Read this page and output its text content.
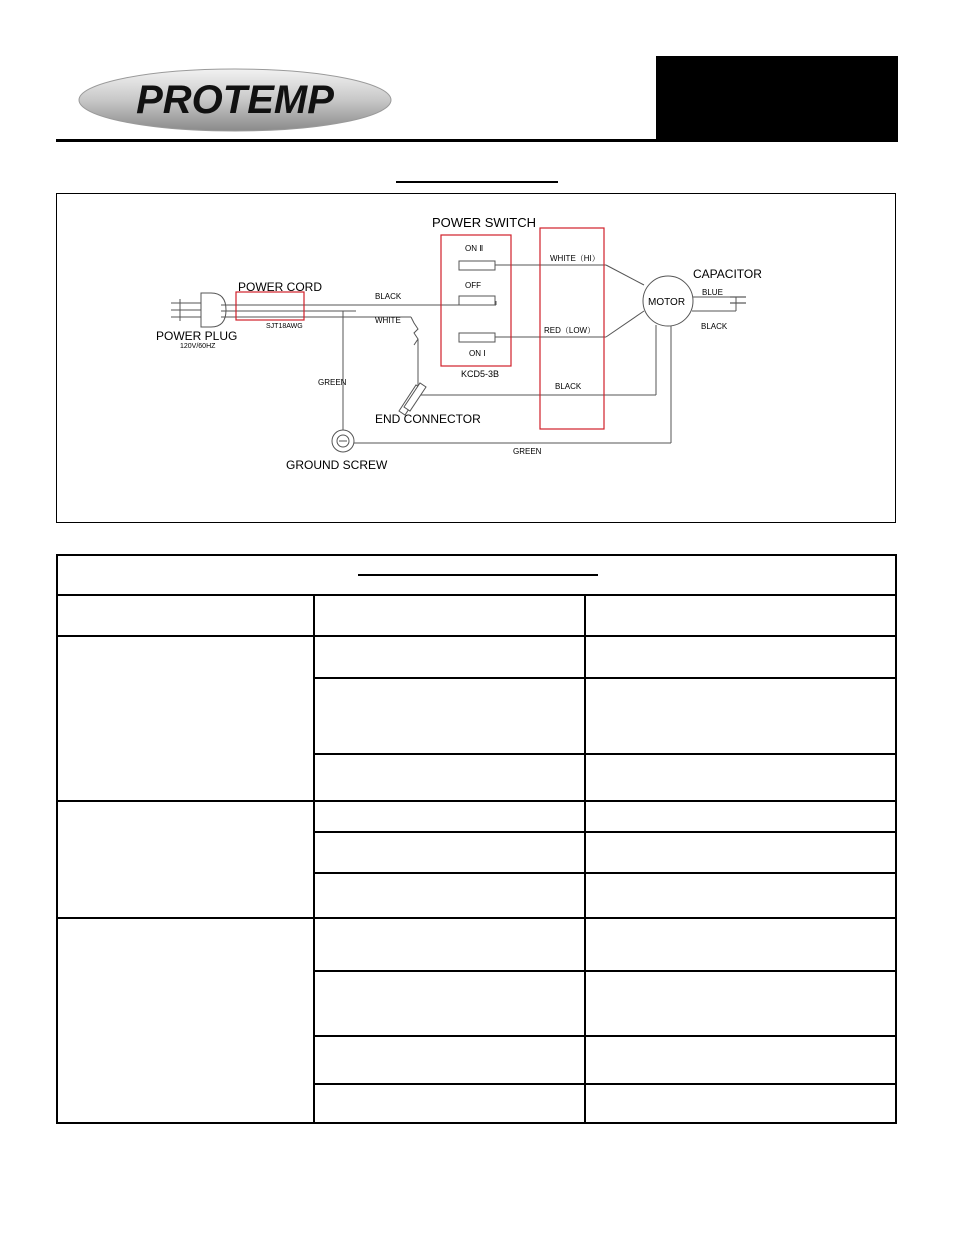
PROTEMP
POWER SWITCH
ON Ⅱ
OFF
ON Ⅰ
KCD5-3B
POWER CORD
SJT18AWG
POWER PLUG
120V/60HZ
BLACK
WHITE
WHITE（HI）
RED（LOW）
BLACK
GREEN
GREEN
END CONNECTOR
GROUND SCREW
MOTOR
CAPACITOR
BLUE
BLACK
